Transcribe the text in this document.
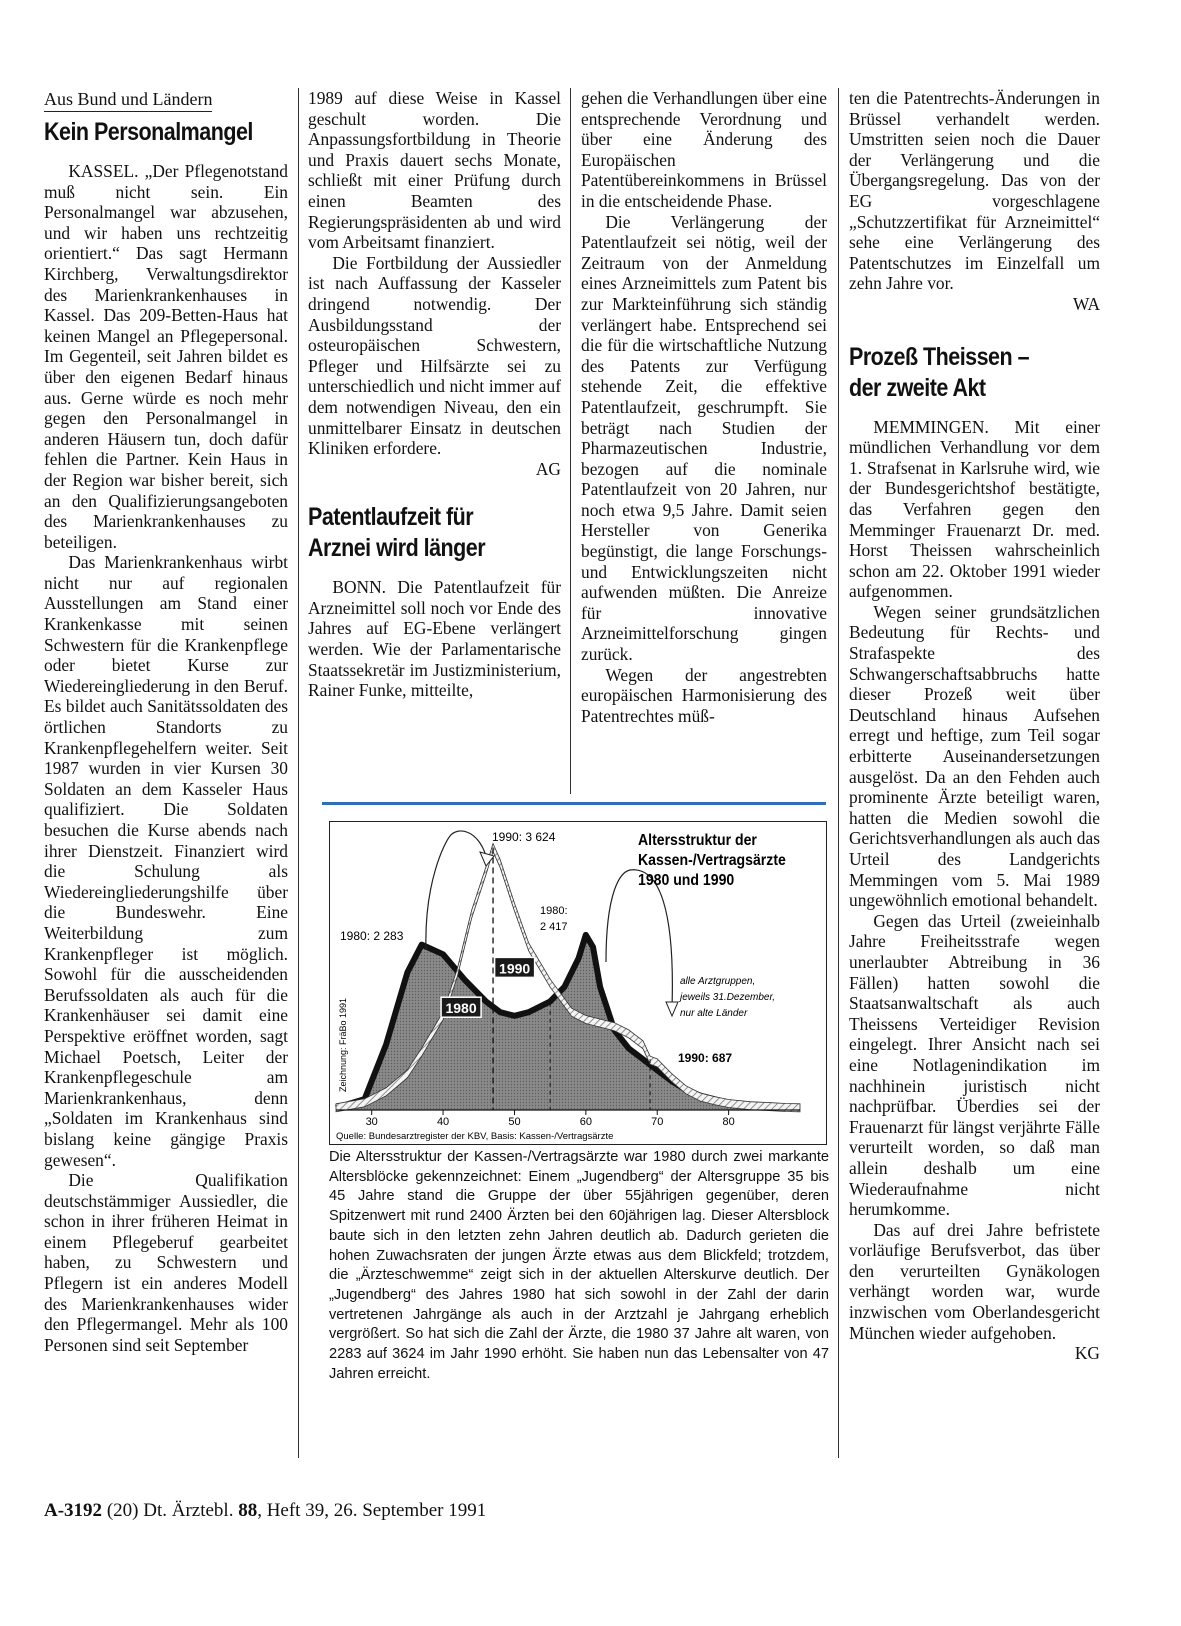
Aus Bund und Ländern
Kein Personalmangel

KASSEL. „Der Pflegenotstand muß nicht sein. Ein Personalmangel war abzusehen, und wir haben uns rechtzeitig orientiert.“ Das sagt Hermann Kirchberg, Verwaltungsdirektor des Marienkrankenhauses in Kassel. Das 209-Betten-Haus hat keinen Mangel an Pflegepersonal. Im Gegenteil, seit Jahren bildet es über den eigenen Bedarf hinaus aus. Gerne würde es noch mehr gegen den Personalmangel in anderen Häusern tun, doch dafür fehlen die Partner. Kein Haus in der Region war bisher bereit, sich an den Qualifizierungsangeboten des Marienkrankenhauses zu beteiligen.

Das Marienkrankenhaus wirbt nicht nur auf regionalen Ausstellungen am Stand einer Krankenkasse mit seinen Schwestern für die Krankenpflege oder bietet Kurse zur Wiedereingliederung in den Beruf. Es bildet auch Sanitätssoldaten des örtlichen Standorts zu Krankenpflegehelfern weiter. Seit 1987 wurden in vier Kursen 30 Soldaten an dem Kasseler Haus qualifiziert. Die Soldaten besuchen die Kurse abends nach ihrer Dienstzeit. Finanziert wird die Schulung als Wiedereingliederungshilfe über die Bundeswehr. Eine Weiterbildung zum Krankenpfleger ist möglich. Sowohl für die ausscheidenden Berufssoldaten als auch für die Krankenhäuser sei damit eine Perspektive eröffnet worden, sagt Michael Poetsch, Leiter der Krankenpflegeschule am Marienkrankenhaus, denn „Soldaten im Krankenhaus sind bislang keine gängige Praxis gewesen“.

Die Qualifikation deutschstämmiger Aussiedler, die schon in ihrer früheren Heimat in einem Pflegeberuf gearbeitet haben, zu Schwestern und Pflegern ist ein anderes Modell des Marienkrankenhauses wider den Pflegermangel. Mehr als 100 Personen sind seit September

1989 auf diese Weise in Kassel geschult worden. Die Anpassungsfortbildung in Theorie und Praxis dauert sechs Monate, schließt mit einer Prüfung durch einen Beamten des Regierungspräsidenten ab und wird vom Arbeitsamt finanziert.

Die Fortbildung der Aussiedler ist nach Auffassung der Kasseler dringend notwendig. Der Ausbildungsstand der osteuropäischen Schwestern, Pfleger und Hilfsärzte sei zu unterschiedlich und nicht immer auf dem notwendigen Niveau, den ein unmittelbarer Einsatz in deutschen Kliniken erfordere.

AG
Patentlaufzeit für
Arznei wird länger

BONN. Die Patentlaufzeit für Arzneimittel soll noch vor Ende des Jahres auf EG-Ebene verlängert werden. Wie der Parlamentarische Staatssekretär im Justizministerium, Rainer Funke, mitteilte,

gehen die Verhandlungen über eine entsprechende Verordnung und über eine Änderung des Europäischen Patentübereinkommens in Brüssel in die entscheidende Phase.

Die Verlängerung der Patentlaufzeit sei nötig, weil der Zeitraum von der Anmeldung eines Arzneimittels zum Patent bis zur Markteinführung sich ständig verlängert habe. Entsprechend sei die für die wirtschaftliche Nutzung des Patents zur Verfügung stehende Zeit, die effektive Patentlaufzeit, geschrumpft. Sie beträgt nach Studien der Pharmazeutischen Industrie, bezogen auf die nominale Patentlaufzeit von 20 Jahren, nur noch etwa 9,5 Jahre. Damit seien Hersteller von Generika begünstigt, die lange Forschungs- und Entwicklungszeiten nicht aufwenden müßten. Die Anreize für innovative Arzneimittelforschung gingen zurück.

Wegen der angestrebten europäischen Harmonisierung des Patentrechtes müß-

ten die Patentrechts-Änderungen in Brüssel verhandelt werden. Umstritten seien noch die Dauer der Verlängerung und die Übergangsregelung. Das von der EG vorgeschlagene „Schutzzertifikat für Arzneimittel“ sehe eine Verlängerung des Patentschutzes im Einzelfall um zehn Jahre vor.

WA
Prozeß Theissen –
der zweite Akt

MEMMINGEN. Mit einer mündlichen Verhandlung vor dem 1. Strafsenat in Karlsruhe wird, wie der Bundesgerichtshof bestätigte, das Verfahren gegen den Memminger Frauenarzt Dr. med. Horst Theissen wahrscheinlich schon am 22. Oktober 1991 wieder aufgenommen.

Wegen seiner grundsätzlichen Bedeutung für Rechts- und Strafaspekte des Schwangerschaftsabbruchs hatte dieser Prozeß weit über Deutschland hinaus Aufsehen erregt und heftige, zum Teil sogar erbitterte Auseinandersetzungen ausgelöst. Da an den Fehden auch prominente Ärzte beteiligt waren, hatten die Medien sowohl die Gerichtsverhandlungen als auch das Urteil des Landgerichts Memmingen vom 5. Mai 1989 ungewöhnlich emotional behandelt.

Gegen das Urteil (zweieinhalb Jahre Freiheitsstrafe wegen unerlaubter Abtreibung in 36 Fällen) hatten sowohl die Staatsanwaltschaft als auch Theissens Verteidiger Revision eingelegt. Ihrer Ansicht nach sei eine Notlagenindikation im nachhinein juristisch nicht nachprüfbar. Überdies sei der Frauenarzt für längst verjährte Fälle verurteilt worden, so daß man allein deshalb um eine Wiederaufnahme nicht herumkomme.

Das auf drei Jahre befristete vorläufige Berufsverbot, das über den verurteilten Gynäkologen verhängt worden war, wurde inzwischen vom Oberlandesgericht München wieder aufgehoben.

KG
30	40	50	60	70	80
1980
1990
1990: 3 624
1980: 2 283
1980: 2 417
1990: 687
Altersstruktur der
Kassen-/Vertragsärzte
1980 und 1990
alle Arztgruppen, jeweils 31.Dezember, nur alte Länder
Zeichnung: FräBo 1991
Quelle: Bundesarztregister der KBV, Basis: Kassen-/Vertragsärzte
Die Altersstruktur der Kassen-/Vertragsärzte war 1980 durch zwei markante Altersblöcke gekennzeichnet: Einem „Jugendberg“ der Altersgruppe 35 bis 45 Jahre stand die Gruppe der über 55jährigen gegenüber, deren Spitzenwert mit rund 2400 Ärzten bei den 60jährigen lag. Dieser Altersblock baute sich in den letzten zehn Jahren deutlich ab. Dadurch gerieten die hohen Zuwachsraten der jungen Ärzte etwas aus dem Blickfeld; trotzdem, die „Ärzteschwemme“ zeigt sich in der aktuellen Alterskurve deutlich. Der „Jugendberg“ des Jahres 1980 hat sich sowohl in der Zahl der darin vertretenen Jahrgänge als auch in der Arztzahl je Jahrgang erheblich vergrößert. So hat sich die Zahl der Ärzte, die 1980 37 Jahre alt waren, von 2283 auf 3624 im Jahr 1990 erhöht. Sie haben nun das Lebensalter von 47 Jahren erreicht.
A-3192 (20) Dt. Ärztebl. 88, Heft 39, 26. September 1991
